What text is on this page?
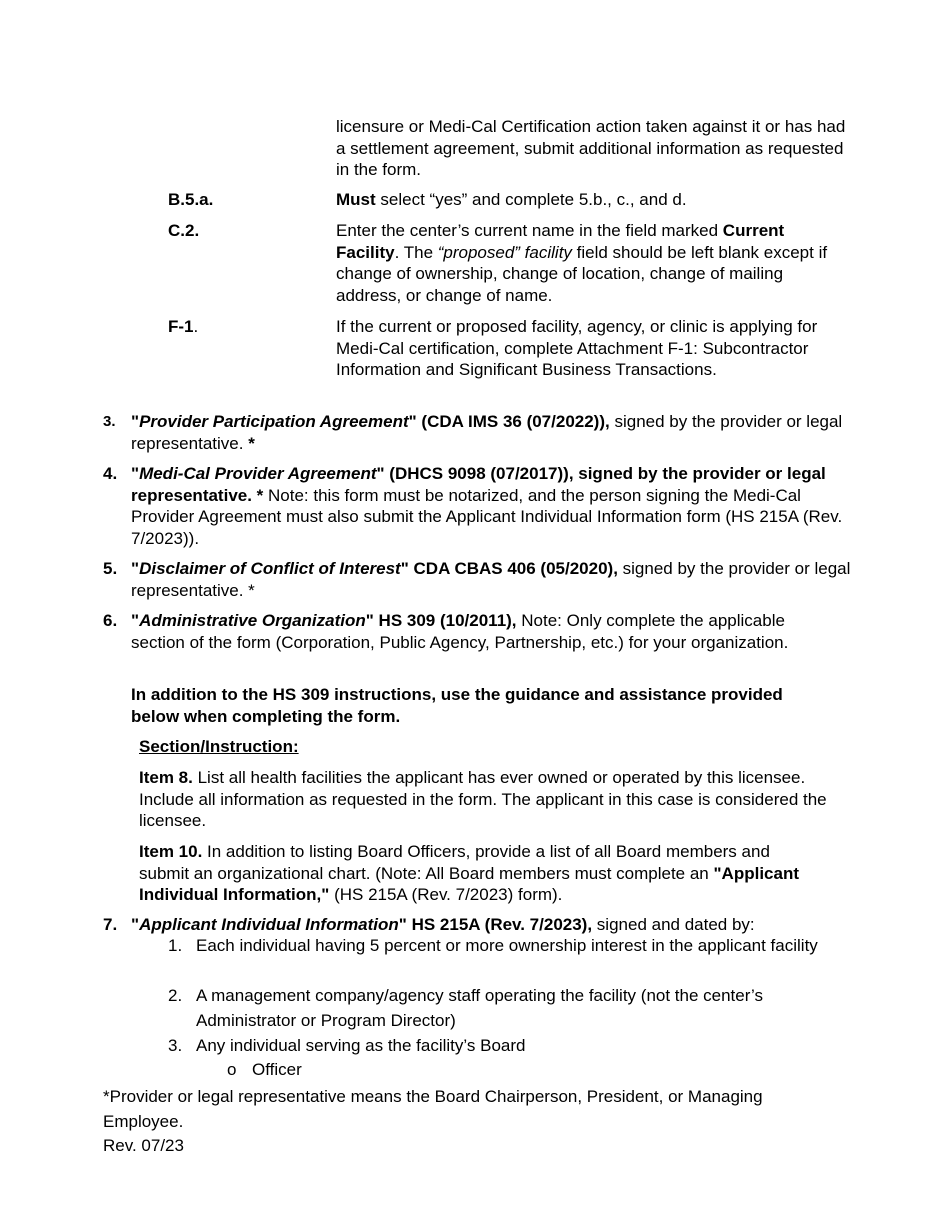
licensure or Medi-Cal Certification action taken against it or has had a settlement agreement, submit additional information as requested in the form.
B.5.a.	Must select “yes” and complete 5.b., c., and d.
C.2.	Enter the center’s current name in the field marked Current Facility. The “proposed” facility field should be left blank except if change of ownership, change of location, change of mailing address, or change of name.
F-1.	If the current or proposed facility, agency, or clinic is applying for Medi-Cal certification, complete Attachment F-1: Subcontractor Information and Significant Business Transactions.
3. "Provider Participation Agreement" (CDA IMS 36 (07/2022)), signed by the provider or legal representative. *
4. "Medi-Cal Provider Agreement" (DHCS 9098 (07/2017)), signed by the provider or legal representative. * Note: this form must be notarized, and the person signing the Medi-Cal Provider Agreement must also submit the Applicant Individual Information form (HS 215A (Rev. 7/2023)).
5. "Disclaimer of Conflict of Interest" CDA CBAS 406 (05/2020), signed by the provider or legal representative. *
6. "Administrative Organization" HS 309 (10/2011), Note: Only complete the applicable section of the form (Corporation, Public Agency, Partnership, etc.) for your organization.
In addition to the HS 309 instructions, use the guidance and assistance provided below when completing the form.
Section/Instruction:
Item 8. List all health facilities the applicant has ever owned or operated by this licensee. Include all information as requested in the form. The applicant in this case is considered the licensee.
Item 10. In addition to listing Board Officers, provide a list of all Board members and submit an organizational chart. (Note: All Board members must complete an "Applicant Individual Information," (HS 215A (Rev. 7/2023) form).
7. "Applicant Individual Information" HS 215A (Rev. 7/2023), signed and dated by:
1. Each individual having 5 percent or more ownership interest in the applicant facility
2. A management company/agency staff operating the facility (not the center’s Administrator or Program Director)
3. Any individual serving as the facility’s Board
o Officer
*Provider or legal representative means the Board Chairperson, President, or Managing Employee.
Rev. 07/23
